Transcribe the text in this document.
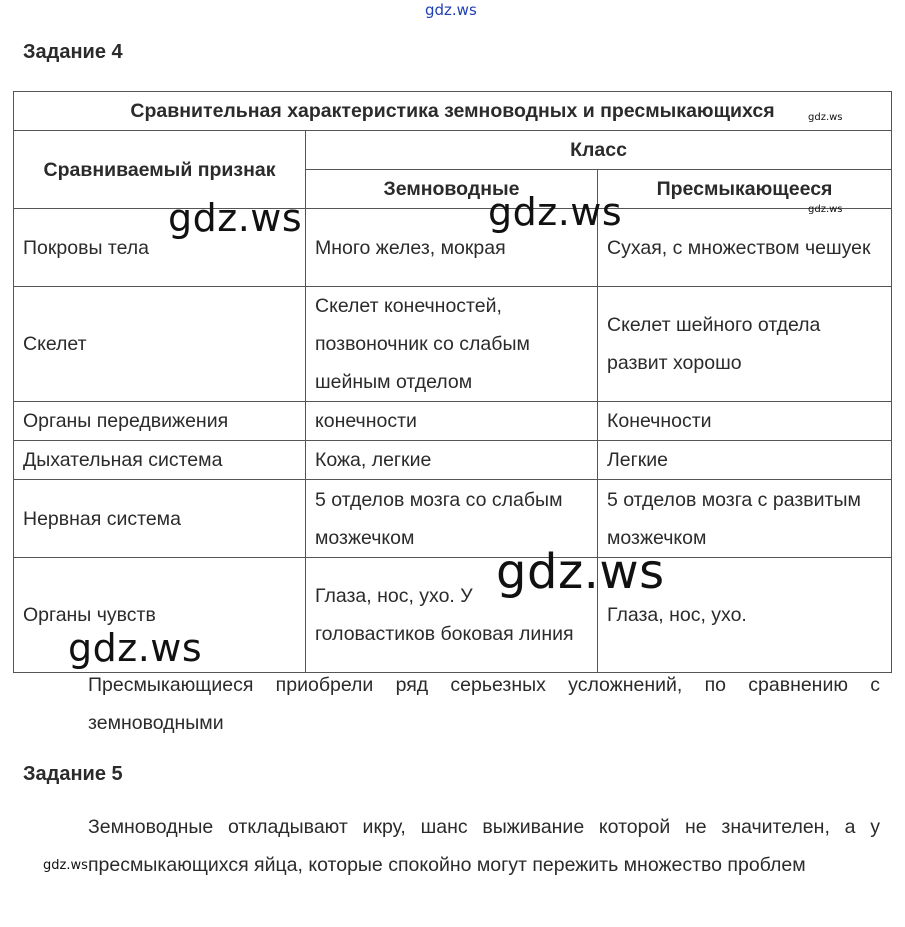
gdz.ws
Задание 4
Сравнительная характеристика земноводных и пресмыкающихся		
Сравниваемый признак	Класс	
	Земноводные	Пресмыкающееся
Покровы тела	Много желез, мокрая	Сухая, с множеством чешуек
Скелет	Скелет конечностей, позвоночник со слабым шейным отделом	Скелет шейного отдела развит хорошо
Органы передвижения	конечности	Конечности
Дыхательная система	Кожа, легкие	Легкие
Нервная система	5 отделов мозга со слабым мозжечком	5 отделов мозга с развитым мозжечком
Органы чувств	Глаза, нос, ухо. У головастиков боковая линия	Глаза, нос, ухо.
Пресмыкающиеся приобрели ряд серьезных усложнений, по сравнению с земноводными
Задание 5
Земноводные откладывают икру, шанс выживание которой не значителен, а у пресмыкающихся яйца, которые спокойно могут пережить множество проблем
gdz.ws
gdz.ws	gdz.ws	gdz.ws
gdz.ws
gdz.ws
gdz.ws
